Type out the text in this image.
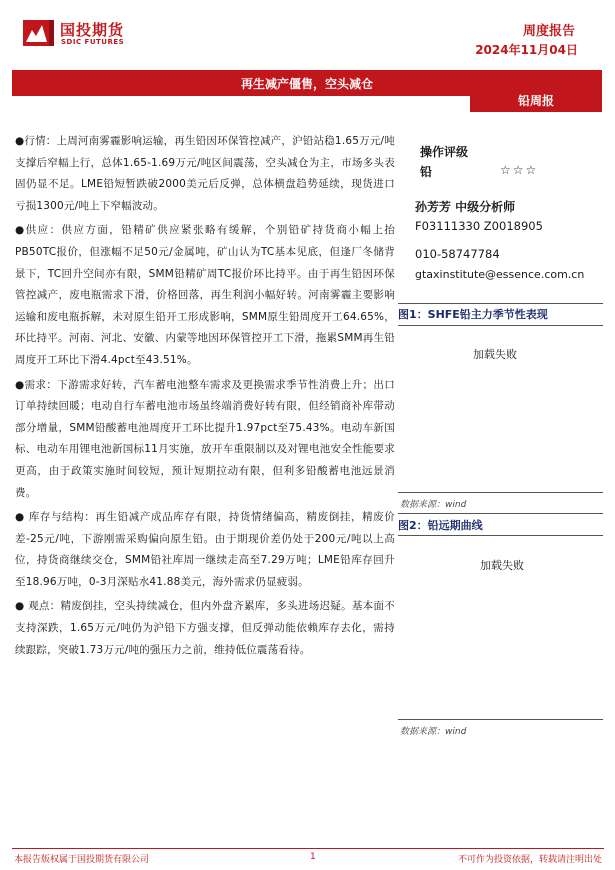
国投期货
SDIC FUTURES
周度报告
2024年11月04日
再生减产僵售，空头减仓
铅周报

●行情：上周河南雾霾影响运输，再生铅因环保管控减产，沪铅站稳1.65万元/吨支撑后窄幅上行，总体1.65-1.69万元/吨区间震荡，空头减仓为主，市场多头表固仍显不足。LME铅短暂跌破2000美元后反弹，总体横盘趋势延续，现货进口亏损1300元/吨上下窄幅波动。

●供应：供应方面，铅精矿供应紧张略有缓解，个别铅矿持货商小幅上抬PB50TC报价，但涨幅不足50元/金属吨，矿山认为TC基本见底，但逢厂冬储背景下，TC回升空间亦有限，SMM铅精矿周TC报价环比持平。由于再生铅因环保管控减产，废电瓶需求下滑，价格回落，再生利润小幅好转。河南雾霾主要影响运输和废电瓶拆解，未对原生铅开工形成影响，SMM原生铅周度开工64.65%，环比持平。河南、河北、安徽、内蒙等地因环保管控开工下滑，拖累SMM再生铅周度开工环比下滑4.4pct至43.51%。

●需求：下游需求好转，汽车蓄电池整车需求及更换需求季节性消费上升；出口订单持续回暖；电动自行车蓄电池市场虽终端消费好转有限，但经销商补库带动部分增量，SMM铅酸蓄电池周度开工环比提升1.97pct至75.43%。电动车新国标、电动车用锂电池新国标11月实施，放开车重限制以及对锂电池安全性能要求更高，由于政策实施时间较短，预计短期拉动有限，但利多铅酸蓄电池远景消费。

● 库存与结构：再生铅减产成品库存有限，持货情绪偏高，精废倒挂，精废价差-25元/吨，下游刚需采购偏向原生铅。由于期现价差仍处于200元/吨以上高位，持货商继续交仓，SMM铅社库周一继续走高至7.29万吨；LME铅库存回升至18.96万吨，0-3月深贴水41.88美元，海外需求仍显疲弱。

● 观点：精废倒挂，空头持续减仓，但内外盘齐累库，多头进场迟疑。基本面不支持深跌，1.65万元/吨仍为沪铅下方强支撑，但反弹动能依赖库存去化，需持续跟踪，突破1.73万元/吨的强压力之前，维持低位震荡看待。

操作评级
铅	☆☆☆
孙芳芳 中级分析师
F03111330 Z0018905
010-58747784
gtaxinstitute@essence.com.cn
图1：SHFE铅主力季节性表现
加载失败
数据来源：wind
图2：铅远期曲线
加载失败
数据来源：wind
本报告版权属于国投期货有限公司	1	不可作为投资依据，转载请注明出处
